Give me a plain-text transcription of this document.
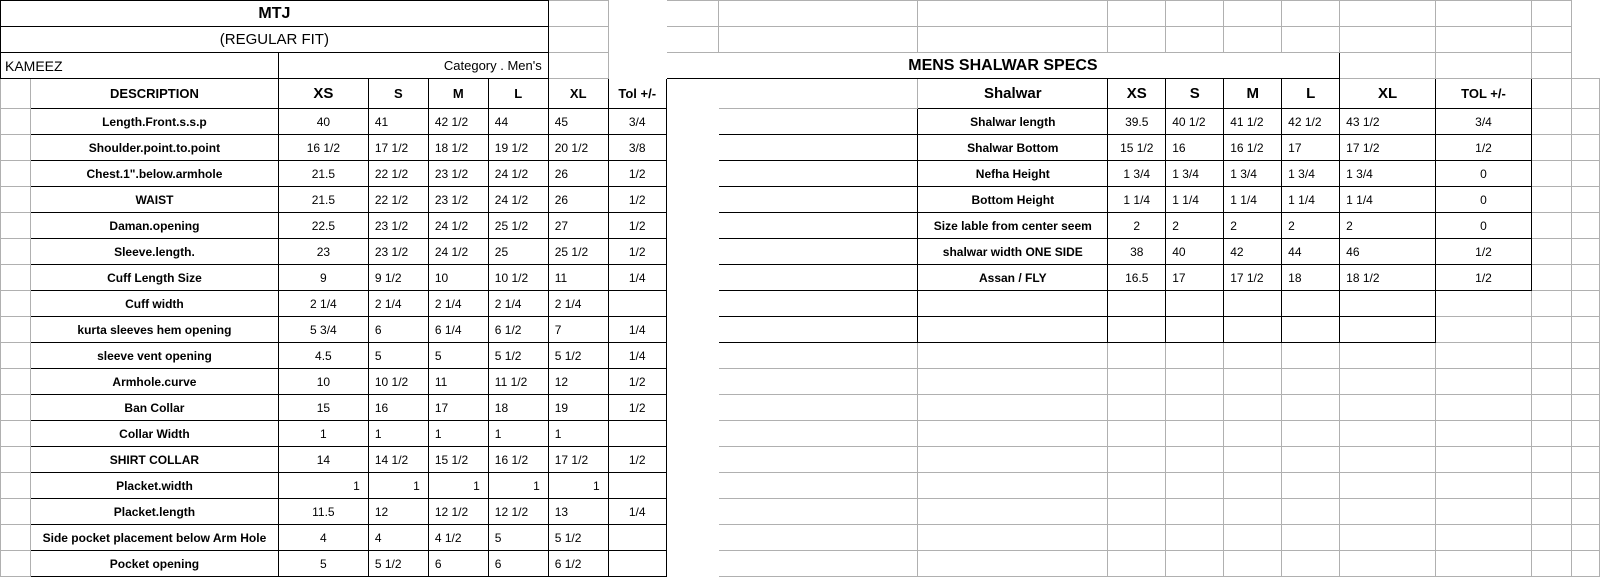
MTJ																		
(REGULAR FIT)																		
KAMEEZ		Category . Men's						MENS SHALWAR SPECS										
	DESCRIPTION	XS	S	M	L	XL	Tol +/-			Shalwar	XS	S	M	L	XL	TOL +/-		
	Length.Front.s.s.p	40	41	42 1/2	44	45	3/4			Shalwar length	39.5	40 1/2	41 1/2	42 1/2	43 1/2	3/4		
	Shoulder.point.to.point	16 1/2	17 1/2	18 1/2	19 1/2	20 1/2	3/8			Shalwar Bottom	15 1/2	16	16 1/2	17	17 1/2	1/2		
	Chest.1".below.armhole	21.5	22 1/2	23 1/2	24 1/2	26	1/2			Nefha Height	1 3/4	1 3/4	1 3/4	1 3/4	1 3/4	0		
	WAIST	21.5	22 1/2	23 1/2	24 1/2	26	1/2			Bottom Height	1 1/4	1 1/4	1 1/4	1 1/4	1 1/4	0		
	Daman.opening	22.5	23 1/2	24 1/2	25 1/2	27	1/2			Size lable from center seem	2	2	2	2	2	0		
	Sleeve.length.	23	23 1/2	24 1/2	25	25 1/2	1/2			shalwar width ONE SIDE	38	40	42	44	46	1/2		
	Cuff Length Size	9	9 1/2	10	10 1/2	11	1/4			Assan / FLY	16.5	17	17 1/2	18	18 1/2	1/2		
	Cuff width	2 1/4	2 1/4	2 1/4	2 1/4	2 1/4												
	kurta sleeves hem opening	5 3/4	6	6 1/4	6 1/2	7	1/4											
	sleeve vent opening	4.5	5	5	5 1/2	5 1/2	1/4											
	Armhole.curve	10	10 1/2	11	11 1/2	12	1/2											
	Ban Collar	15	16	17	18	19	1/2											
	Collar Width	1	1	1	1	1												
	SHIRT COLLAR	14	14 1/2	15 1/2	16 1/2	17 1/2	1/2											
	Placket.width	1	1	1	1	1												
	Placket.length	11.5	12	12 1/2	12 1/2	13	1/4											
	Side pocket placement below Arm Hole	4	4	4 1/2	5	5 1/2												
	Pocket opening	5	5 1/2	6	6	6 1/2												
